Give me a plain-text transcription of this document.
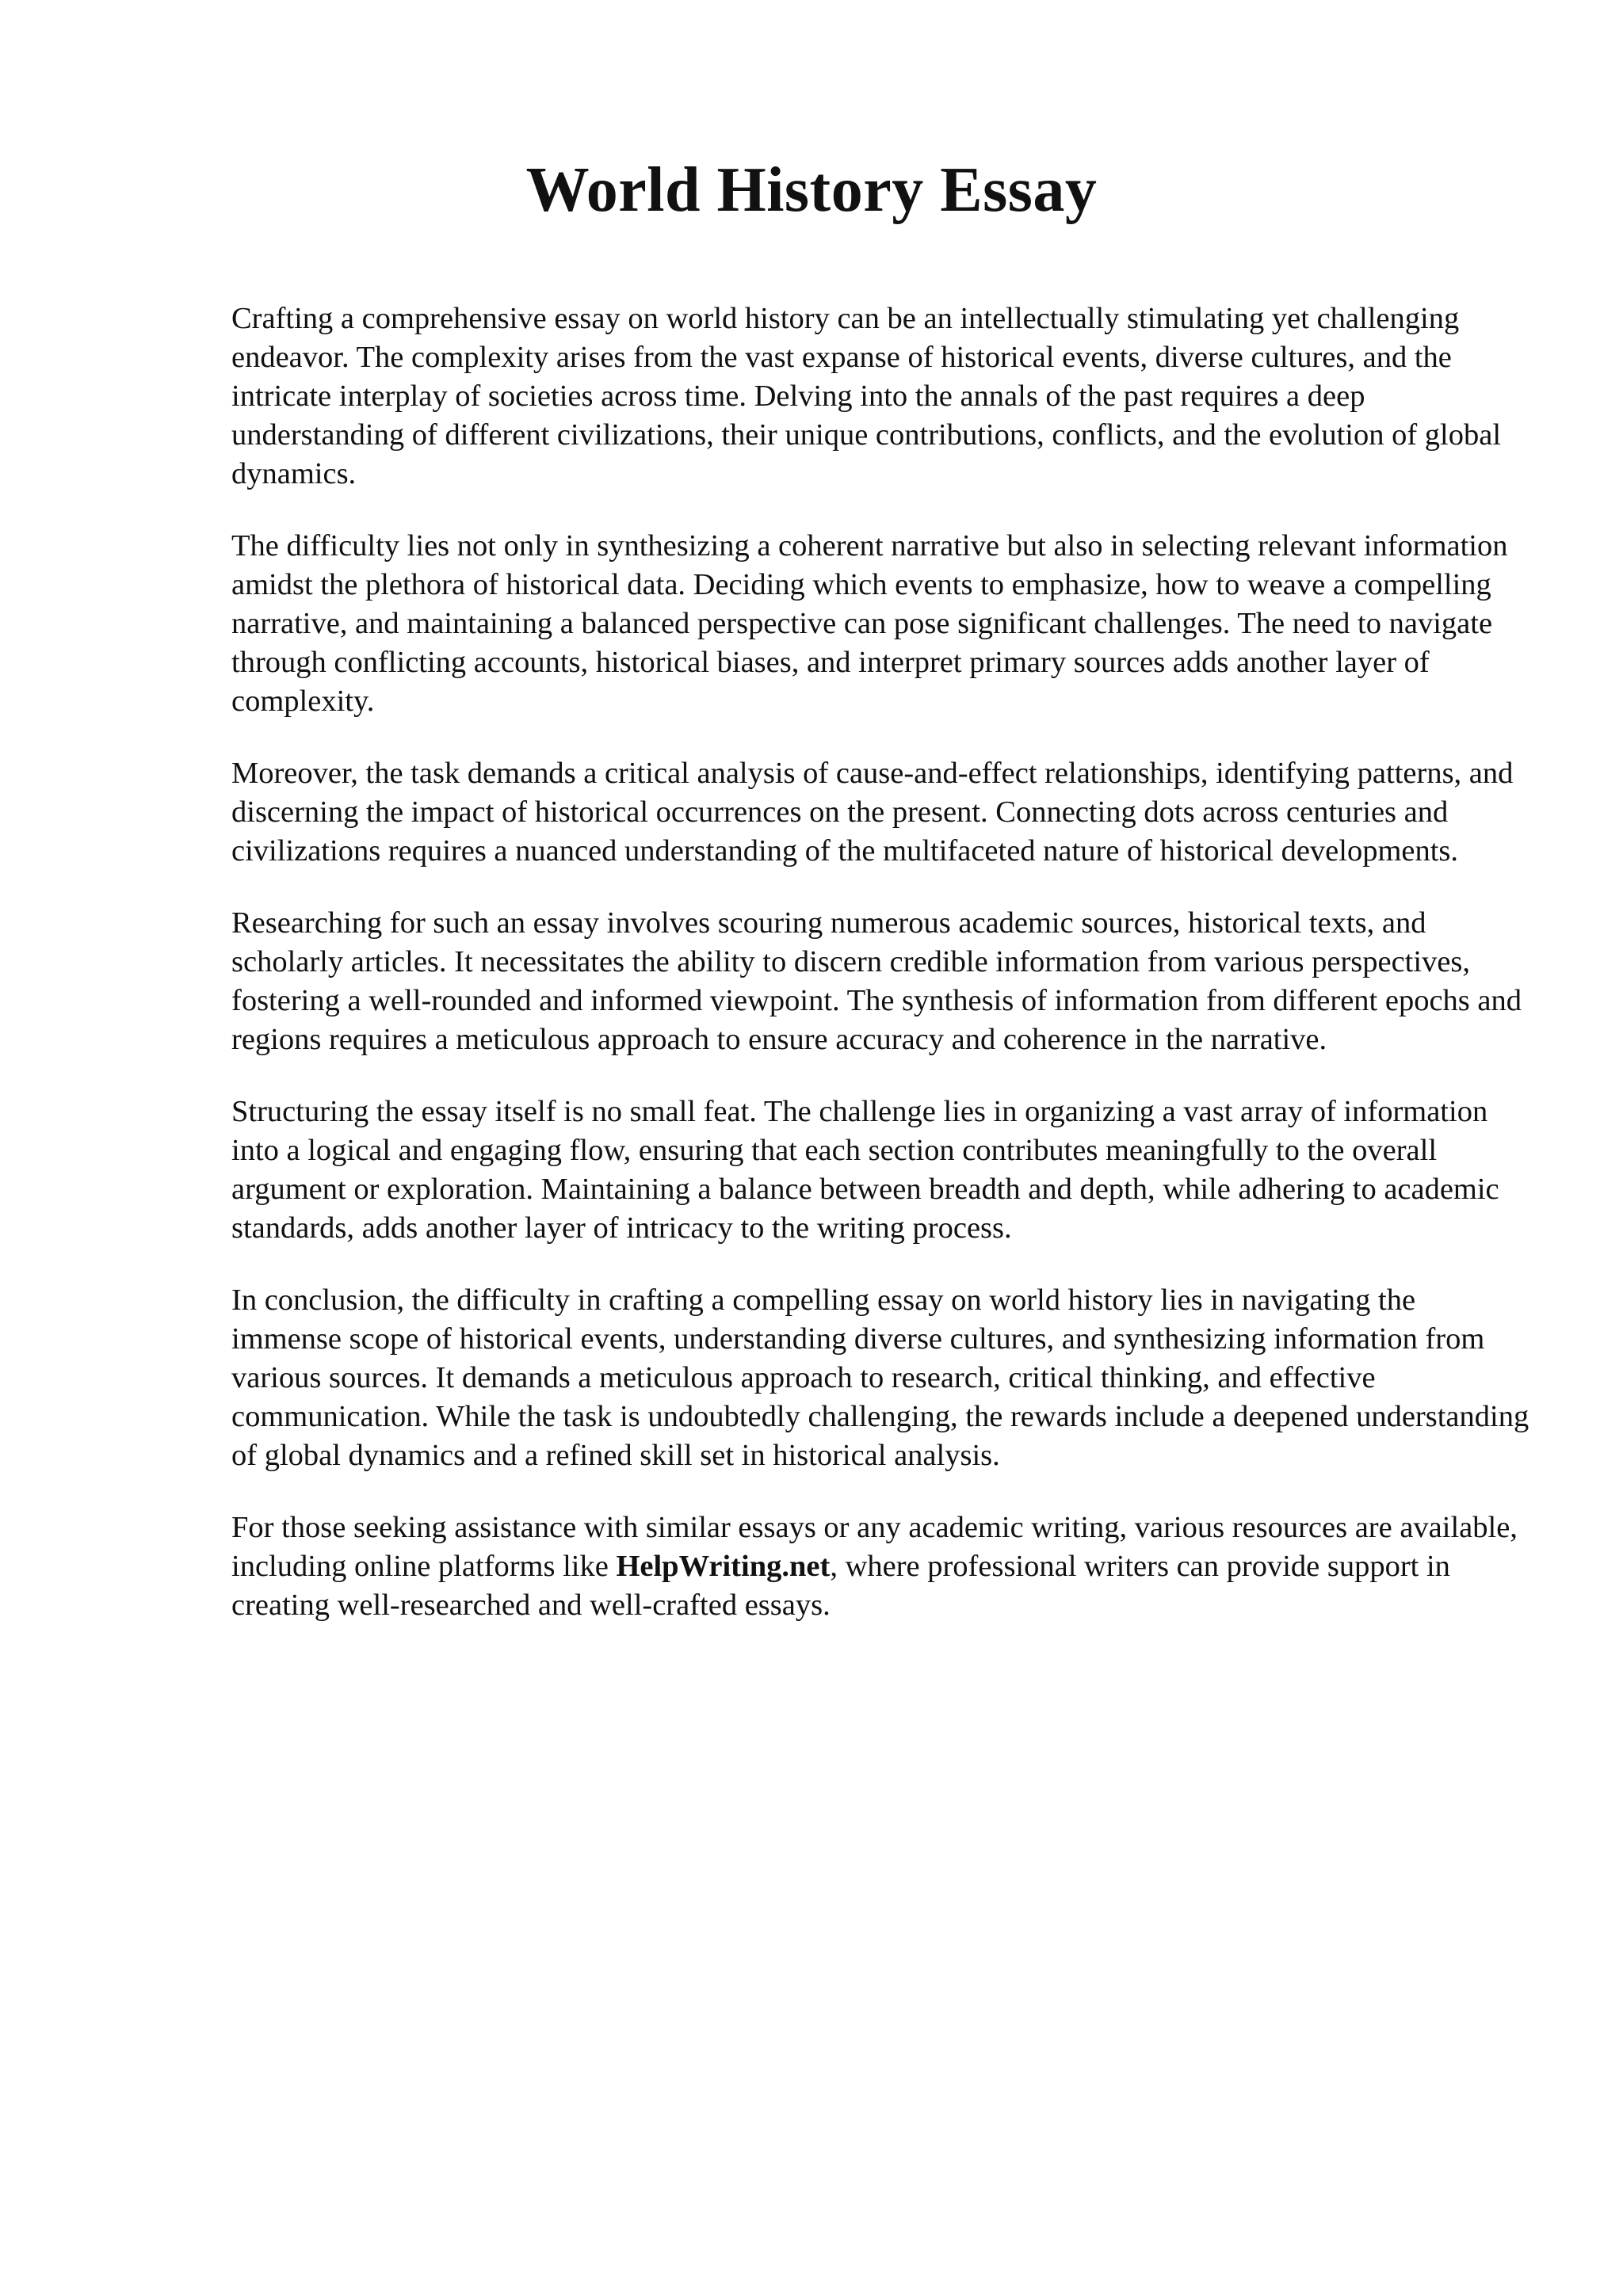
World History Essay

Crafting a comprehensive essay on world history can be an intellectually stimulating yet challenging endeavor. The complexity arises from the vast expanse of historical events, diverse cultures, and the intricate interplay of societies across time. Delving into the annals of the past requires a deep understanding of different civilizations, their unique contributions, conflicts, and the evolution of global dynamics.

The difficulty lies not only in synthesizing a coherent narrative but also in selecting relevant information amidst the plethora of historical data. Deciding which events to emphasize, how to weave a compelling narrative, and maintaining a balanced perspective can pose significant challenges. The need to navigate through conflicting accounts, historical biases, and interpret primary sources adds another layer of complexity.

Moreover, the task demands a critical analysis of cause-and-effect relationships, identifying patterns, and discerning the impact of historical occurrences on the present. Connecting dots across centuries and civilizations requires a nuanced understanding of the multifaceted nature of historical developments.

Researching for such an essay involves scouring numerous academic sources, historical texts, and scholarly articles. It necessitates the ability to discern credible information from various perspectives, fostering a well-rounded and informed viewpoint. The synthesis of information from different epochs and regions requires a meticulous approach to ensure accuracy and coherence in the narrative.

Structuring the essay itself is no small feat. The challenge lies in organizing a vast array of information into a logical and engaging flow, ensuring that each section contributes meaningfully to the overall argument or exploration. Maintaining a balance between breadth and depth, while adhering to academic standards, adds another layer of intricacy to the writing process.

In conclusion, the difficulty in crafting a compelling essay on world history lies in navigating the immense scope of historical events, understanding diverse cultures, and synthesizing information from various sources. It demands a meticulous approach to research, critical thinking, and effective communication. While the task is undoubtedly challenging, the rewards include a deepened understanding of global dynamics and a refined skill set in historical analysis.

For those seeking assistance with similar essays or any academic writing, various resources are available, including online platforms like HelpWriting.net, where professional writers can provide support in creating well-researched and well-crafted essays.
